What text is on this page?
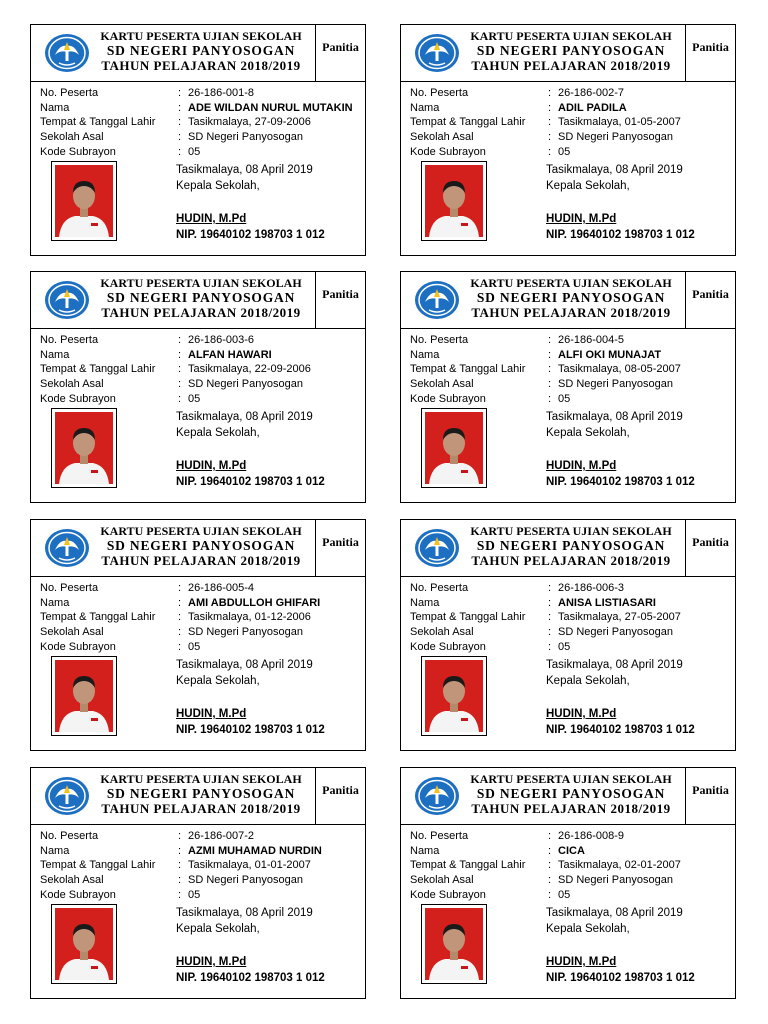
KARTU PESERTA UJIAN SEKOLAH
SD NEGERI PANYOSOGAN
TAHUN PELAJARAN 2018/2019
Panitia
No. Peserta	: 26-186-001-8
Nama	: ADE WILDAN NURUL MUTAKIN
Tempat & Tanggal Lahir : Tasikmalaya, 27-09-2006
Sekolah Asal	: SD Negeri Panyosogan
Kode Subrayon	: 05
Tasikmalaya, 08 April 2019
Kepala Sekolah,
HUDIN, M.Pd
NIP. 19640102 198703 1 012
KARTU PESERTA UJIAN SEKOLAH
SD NEGERI PANYOSOGAN
TAHUN PELAJARAN 2018/2019
Panitia
No. Peserta	: 26-186-002-7
Nama	: ADIL PADILA
Tempat & Tanggal Lahir : Tasikmalaya, 01-05-2007
Sekolah Asal	: SD Negeri Panyosogan
Kode Subrayon	: 05
Tasikmalaya, 08 April 2019
Kepala Sekolah,
HUDIN, M.Pd
NIP. 19640102 198703 1 012
KARTU PESERTA UJIAN SEKOLAH
SD NEGERI PANYOSOGAN
TAHUN PELAJARAN 2018/2019
Panitia
No. Peserta	: 26-186-003-6
Nama	: ALFAN HAWARI
Tempat & Tanggal Lahir : Tasikmalaya, 22-09-2006
Sekolah Asal	: SD Negeri Panyosogan
Kode Subrayon	: 05
Tasikmalaya, 08 April 2019
Kepala Sekolah,
HUDIN, M.Pd
NIP. 19640102 198703 1 012
KARTU PESERTA UJIAN SEKOLAH
SD NEGERI PANYOSOGAN
TAHUN PELAJARAN 2018/2019
Panitia
No. Peserta	: 26-186-004-5
Nama	: ALFI OKI MUNAJAT
Tempat & Tanggal Lahir : Tasikmalaya, 08-05-2007
Sekolah Asal	: SD Negeri Panyosogan
Kode Subrayon	: 05
Tasikmalaya, 08 April 2019
Kepala Sekolah,
HUDIN, M.Pd
NIP. 19640102 198703 1 012
KARTU PESERTA UJIAN SEKOLAH
SD NEGERI PANYOSOGAN
TAHUN PELAJARAN 2018/2019
Panitia
No. Peserta	: 26-186-005-4
Nama	: AMI ABDULLOH GHIFARI
Tempat & Tanggal Lahir : Tasikmalaya, 01-12-2006
Sekolah Asal	: SD Negeri Panyosogan
Kode Subrayon	: 05
Tasikmalaya, 08 April 2019
Kepala Sekolah,
HUDIN, M.Pd
NIP. 19640102 198703 1 012
KARTU PESERTA UJIAN SEKOLAH
SD NEGERI PANYOSOGAN
TAHUN PELAJARAN 2018/2019
Panitia
No. Peserta	: 26-186-006-3
Nama	: ANISA LISTIASARI
Tempat & Tanggal Lahir : Tasikmalaya, 27-05-2007
Sekolah Asal	: SD Negeri Panyosogan
Kode Subrayon	: 05
Tasikmalaya, 08 April 2019
Kepala Sekolah,
HUDIN, M.Pd
NIP. 19640102 198703 1 012
KARTU PESERTA UJIAN SEKOLAH
SD NEGERI PANYOSOGAN
TAHUN PELAJARAN 2018/2019
Panitia
No. Peserta	: 26-186-007-2
Nama	: AZMI MUHAMAD NURDIN
Tempat & Tanggal Lahir : Tasikmalaya, 01-01-2007
Sekolah Asal	: SD Negeri Panyosogan
Kode Subrayon	: 05
Tasikmalaya, 08 April 2019
Kepala Sekolah,
HUDIN, M.Pd
NIP. 19640102 198703 1 012
KARTU PESERTA UJIAN SEKOLAH
SD NEGERI PANYOSOGAN
TAHUN PELAJARAN 2018/2019
Panitia
No. Peserta	: 26-186-008-9
Nama	: CICA
Tempat & Tanggal Lahir : Tasikmalaya, 02-01-2007
Sekolah Asal	: SD Negeri Panyosogan
Kode Subrayon	: 05
Tasikmalaya, 08 April 2019
Kepala Sekolah,
HUDIN, M.Pd
NIP. 19640102 198703 1 012
